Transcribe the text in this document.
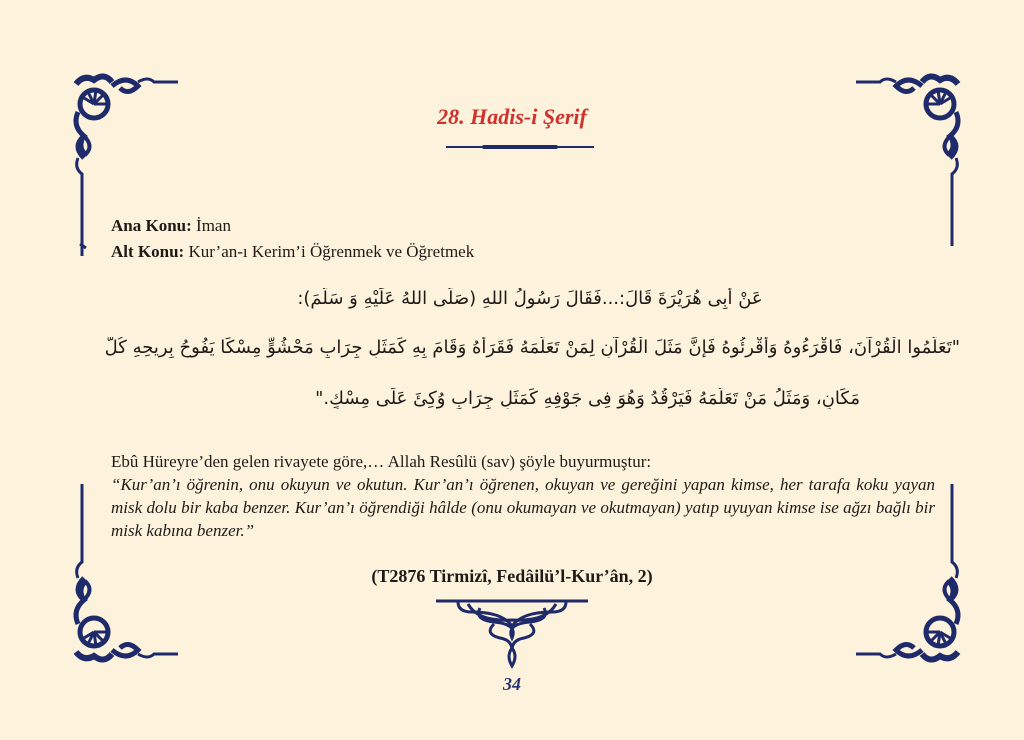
28. Hadis-i Şerif
Ana Konu: İman
Alt Konu: Kur’an-ı Kerim’i Öğrenmek ve Öğretmek
عَنْ أَبِى هُرَيْرَةَ قَالَ:...فَقَالَ رَسُولُ اللهِ (صَلَّى اللهُ عَلَيْهِ وَ سَلَّمَ):
"تَعَلَّمُوا الْقُرْآنَ، فَاقْرَءُوهُ وَأَقْرِئُوهُ فَإِنَّ مَثَلَ الْقُرْآنِ لِمَنْ تَعَلَّمَهُ فَقَرَأَهُ وَقَامَ بِهِ كَمَثَلِ جِرَابٍ مَحْشُوٍّ مِسْكًا يَفُوحُ بِرِيحِهِ كُلَّ
مَكَانٍ، وَمَثَلُ مَنْ تَعَلَّمَهُ فَيَرْقُدُ وَهُوَ فِى جَوْفِهِ كَمَثَلِ جِرَابٍ وُكِئَ عَلَى مِسْكٍ."
Ebû Hüreyre’den gelen rivayete göre,… Allah Resûlü (sav) şöyle buyurmuştur:
“Kur’an’ı öğrenin, onu okuyun ve okutun. Kur’an’ı öğrenen, okuyan ve gereğini yapan kimse, her tarafa koku yayan misk dolu bir kaba benzer. Kur’an’ı öğrendiği hâlde (onu okumayan ve okutmayan) yatıp uyuyan kimse ise ağzı bağlı bir misk kabına benzer.”
(T2876 Tirmizî, Fedâilü’l-Kur’ân, 2)
34
